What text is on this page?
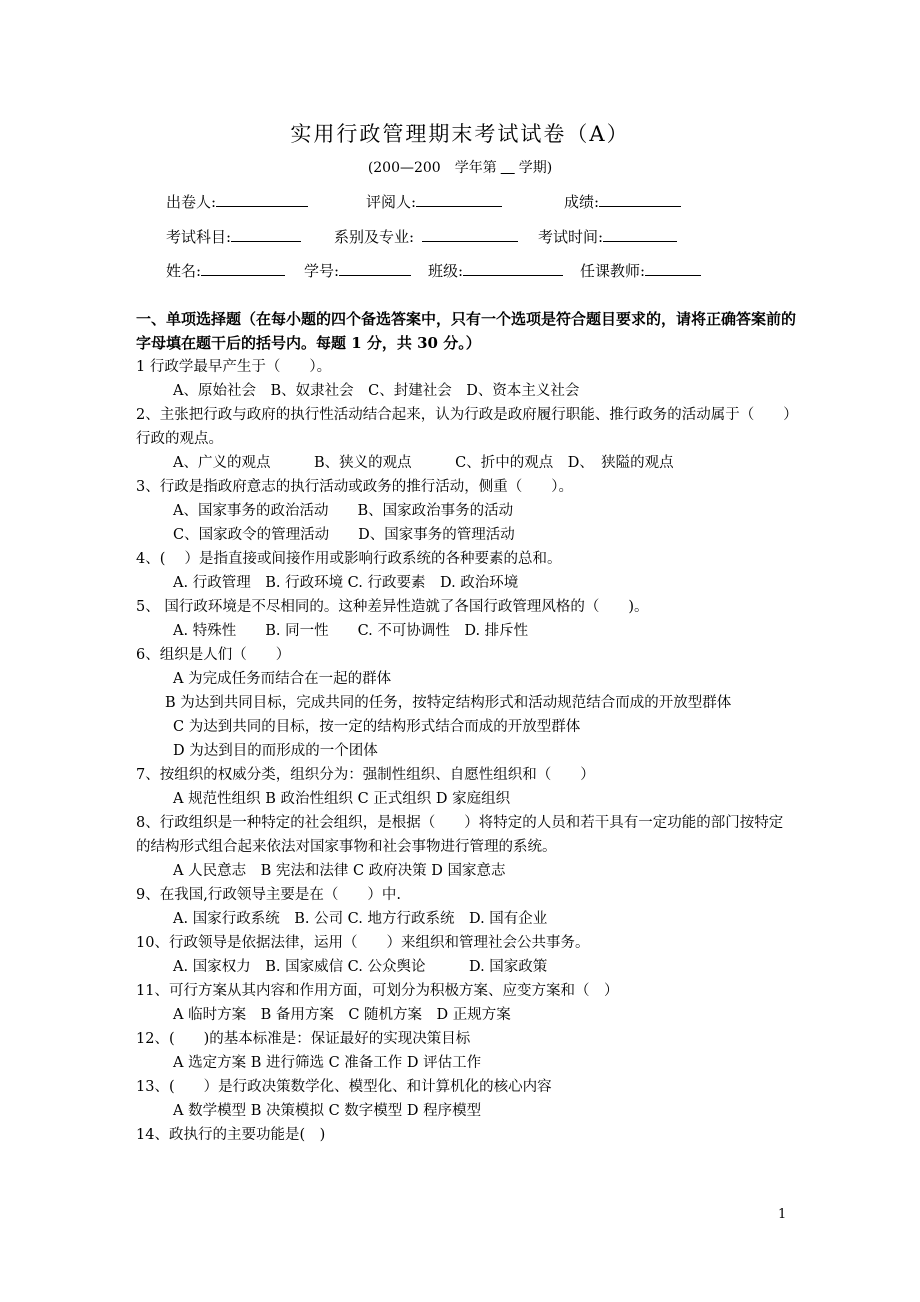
实用行政管理期末考试试卷（A）
(200—200　学年第　 学期)
出卷人:	评阅人:	成绩:
考试科目:	系别及专业:	考试时间:
姓名:	学号:	班级:	任课教师:
一、单项选择题（在每小题的四个备选答案中，只有一个选项是符合题目要求的，请将正确答案前的字母填在题干后的括号内。每题 1 分，共 30 分。）

1 行政学最早产生于（　　）。

A、原始社会　B、奴隶社会　C、封建社会　D、资本主义社会

2、主张把行政与政府的执行性活动结合起来，认为行政是政府履行职能、推行政务的活动属于（　　）行政的观点。

A、广义的观点　　　B、狭义的观点　　　C、折中的观点　D、　狭隘的观点

3、行政是指政府意志的执行活动或政务的推行活动，侧重（　　）。

A、国家事务的政治活动　　B、国家政治事务的活动

C、国家政令的管理活动　　D、国家事务的管理活动

4、(　 ）是指直接或间接作用或影响行政系统的各种要素的总和。

A. 行政管理　B. 行政环境 C. 行政要素　D. 政治环境

5、 国行政环境是不尽相同的。这种差异性造就了各国行政管理风格的（　　)。

A. 特殊性　　B. 同一性　　C. 不可协调性　D. 排斥性

6、组织是人们（　　）

A 为完成任务而结合在一起的群体

　　B 为达到共同目标，完成共同的任务，按特定结构形式和活动规范结合而成的开放型群体

C 为达到共同的目标，按一定的结构形式结合而成的开放型群体

D 为达到目的而形成的一个团体

7、按组织的权威分类，组织分为：强制性组织、自愿性组织和（　　）

A 规范性组织 B 政治性组织 C 正式组织 D 家庭组织

8、行政组织是一种特定的社会组织，是根据（　　）将特定的人员和若干具有一定功能的部门按特定的结构形式组合起来依法对国家事物和社会事物进行管理的系统。

A 人民意志　B 宪法和法律 C 政府决策 D 国家意志

9、在我国,行政领导主要是在（　　）中.

A. 国家行政系统　B. 公司 C. 地方行政系统　D. 国有企业

10、行政领导是依据法律，运用（　　）来组织和管理社会公共事务。

A. 国家权力　B. 国家威信 C. 公众舆论　　　D. 国家政策

11、可行方案从其内容和作用方面，可划分为积极方案、应变方案和（　）

A 临时方案　B 备用方案　C 随机方案　D 正规方案

12、(　　)的基本标准是：保证最好的实现决策目标

A 选定方案 B 进行筛选 C 准备工作 D 评估工作

13、(　　）是行政决策数学化、模型化、和计算机化的核心内容

A 数学模型 B 决策模拟 C 数字模型 D 程序模型

14、政执行的主要功能是(　)

1
